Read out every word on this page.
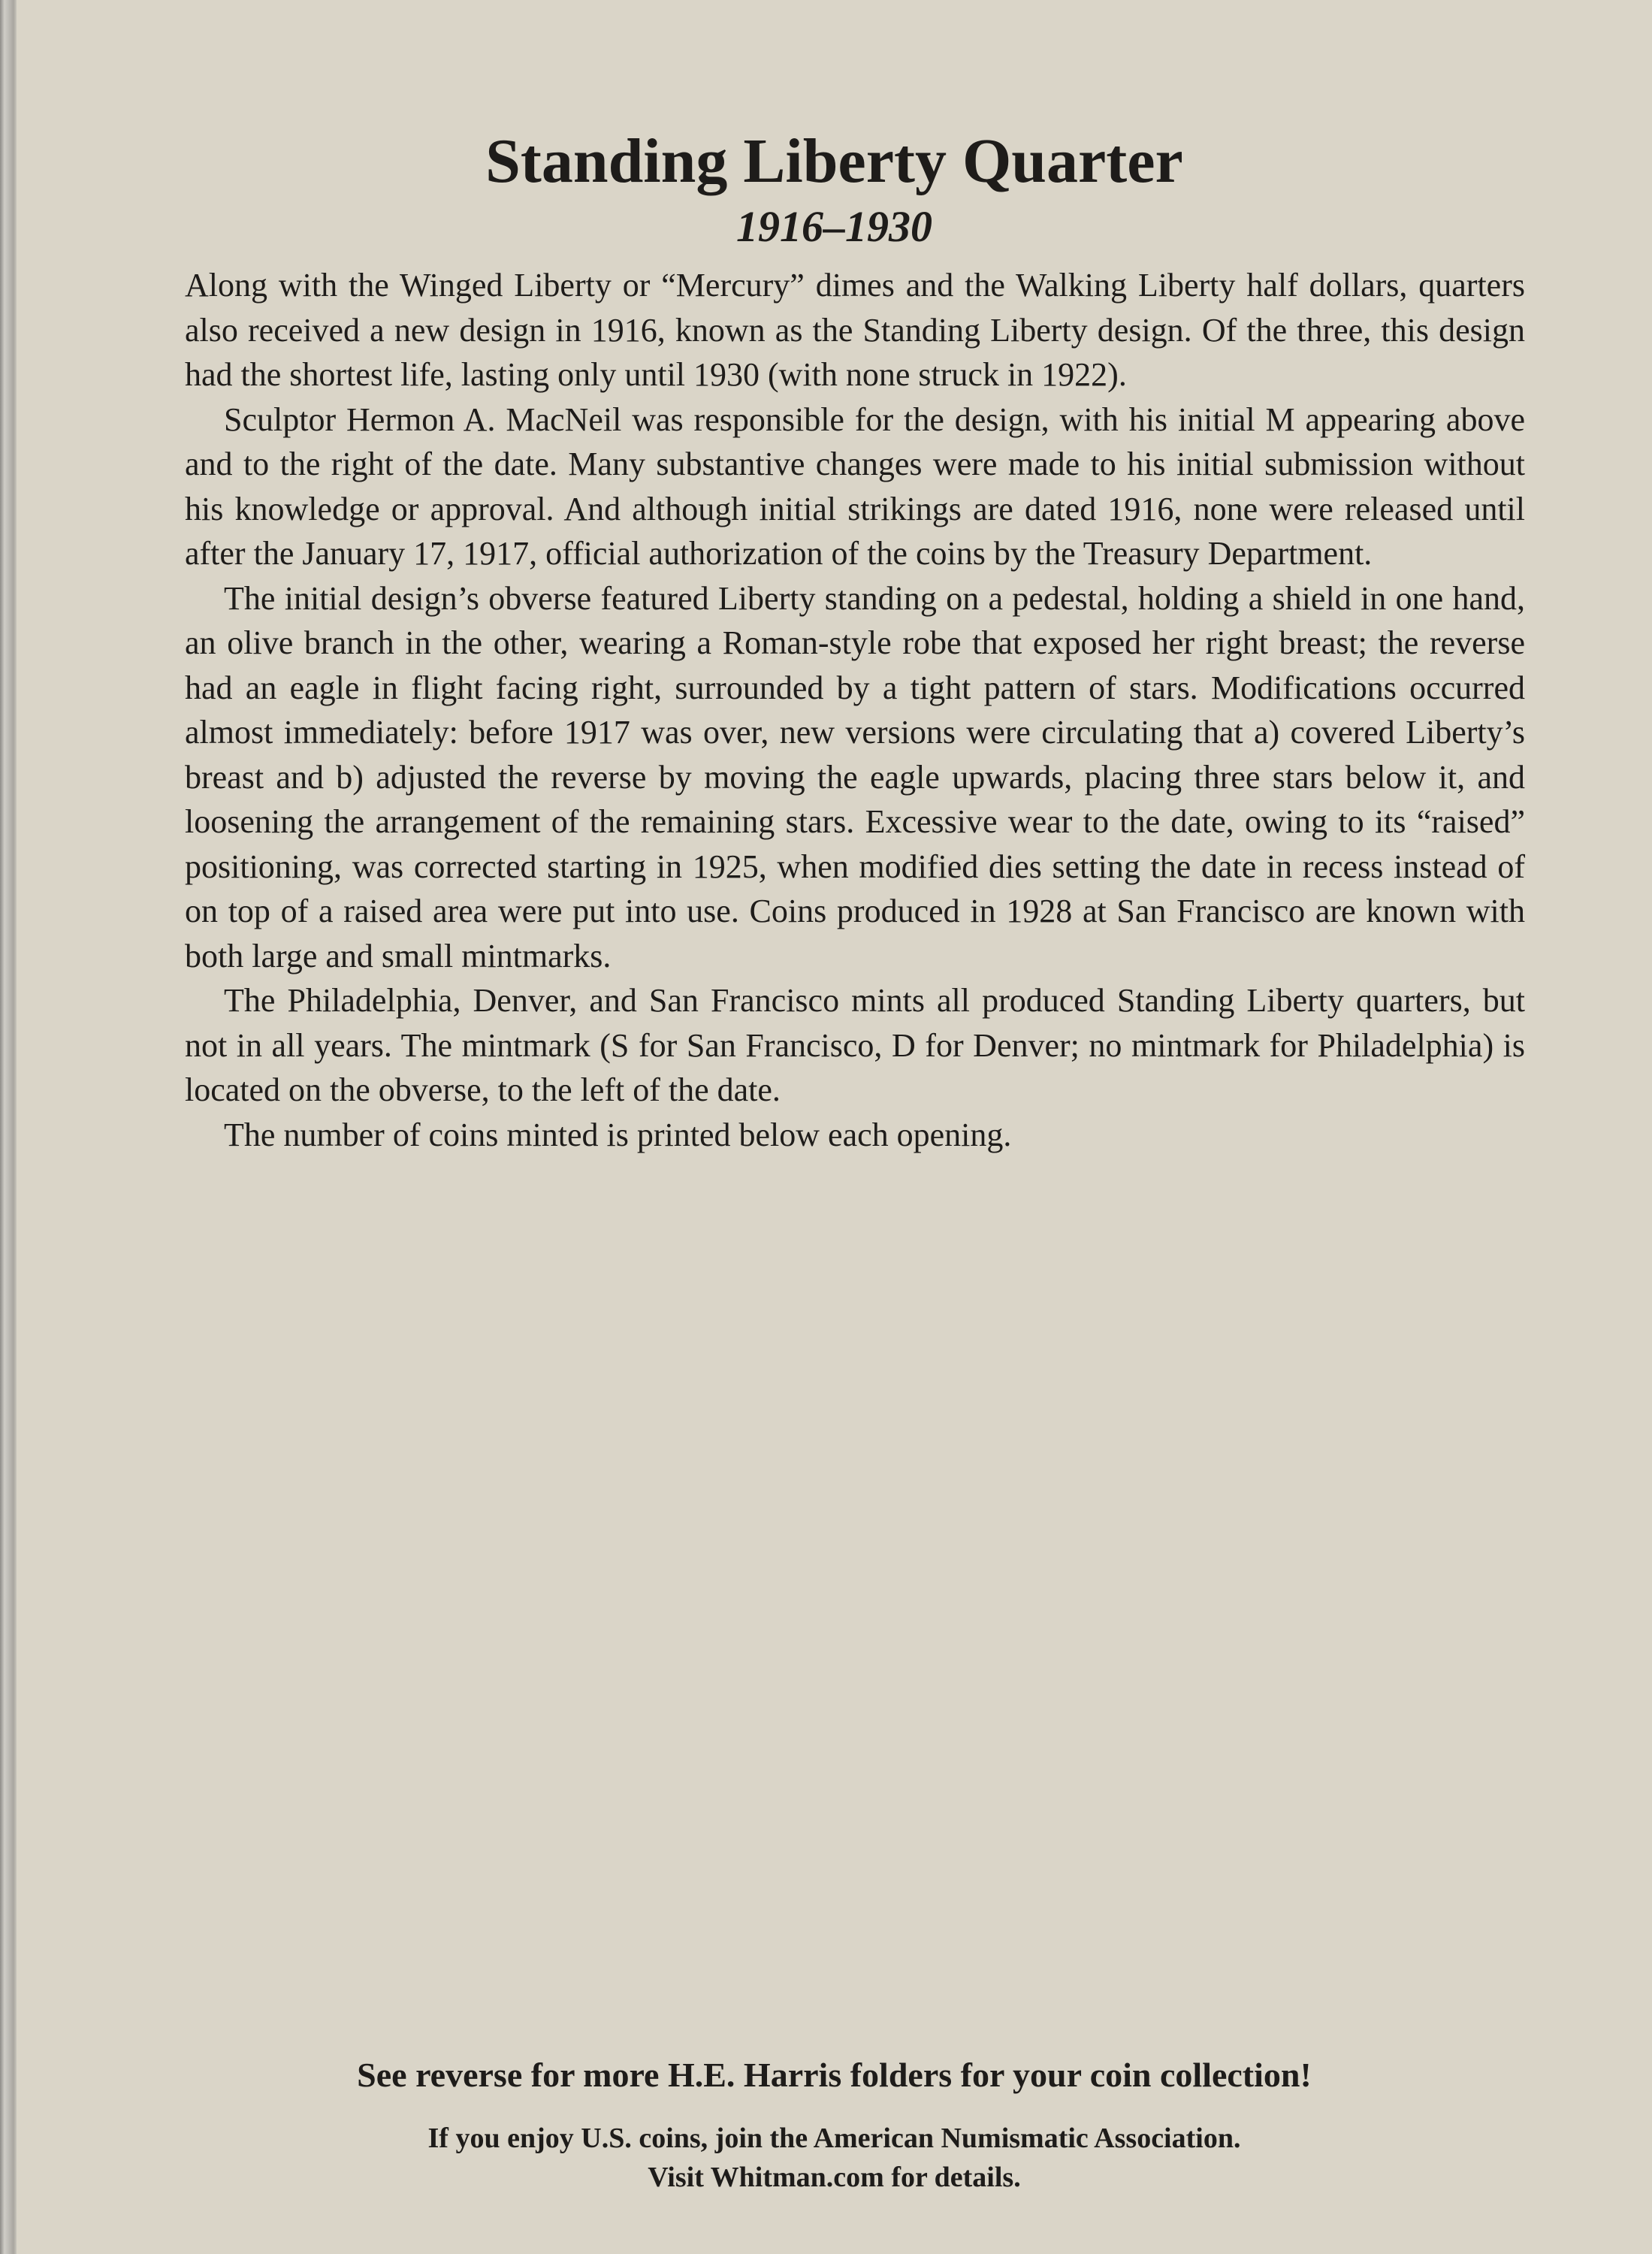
Standing Liberty Quarter
1916–1930

Along with the Winged Liberty or “Mercury” dimes and the Walking Liberty half dollars, quarters also received a new design in 1916, known as the Standing Liberty design. Of the three, this design had the shortest life, lasting only until 1930 (with none struck in 1922).

Sculptor Hermon A. MacNeil was responsible for the design, with his initial M appearing above and to the right of the date. Many substantive changes were made to his initial submission without his knowledge or approval. And although initial strikings are dated 1916, none were released until after the January 17, 1917, official authorization of the coins by the Treasury Department.

The initial design’s obverse featured Liberty standing on a pedestal, holding a shield in one hand, an olive branch in the other, wearing a Roman-style robe that exposed her right breast; the reverse had an eagle in flight facing right, surrounded by a tight pattern of stars. Modifications occurred almost immediately: before 1917 was over, new versions were circulating that a) covered Liberty’s breast and b) adjusted the reverse by moving the eagle upwards, placing three stars below it, and loosening the arrangement of the remaining stars. Excessive wear to the date, owing to its “raised” positioning, was corrected starting in 1925, when modified dies setting the date in recess instead of on top of a raised area were put into use. Coins produced in 1928 at San Francisco are known with both large and small mintmarks.

The Philadelphia, Denver, and San Francisco mints all produced Standing Liberty quarters, but not in all years. The mintmark (S for San Francisco, D for Denver; no mintmark for Philadelphia) is located on the obverse, to the left of the date.

The number of coins minted is printed below each opening.

See reverse for more H.E. Harris folders for your coin collection!

If you enjoy U.S. coins, join the American Numismatic Association.
Visit Whitman.com for details.
